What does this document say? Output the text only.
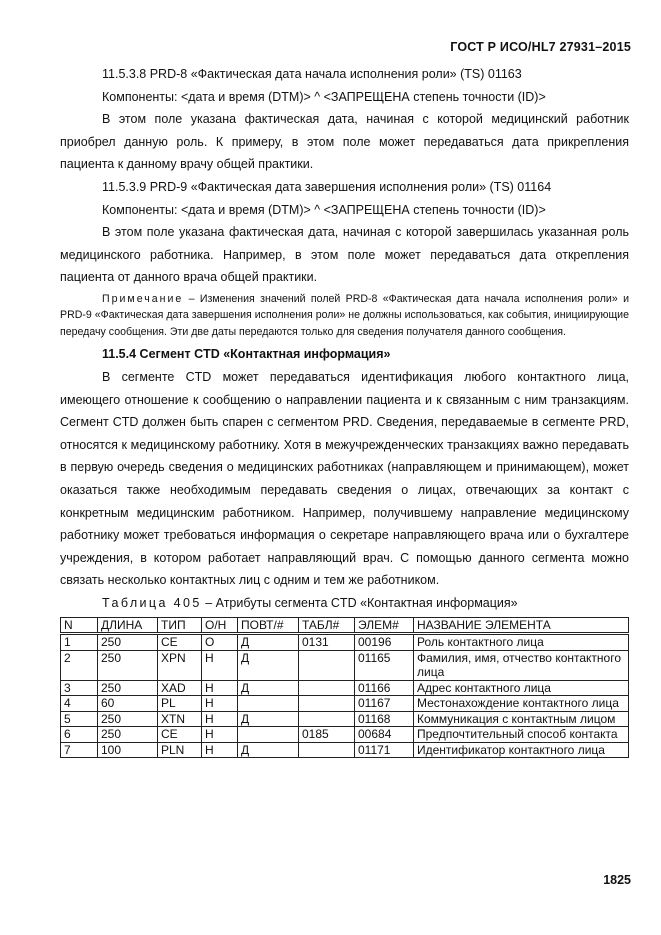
ГОСТ Р ИСО/HL7 27931–2015

11.5.3.8 PRD-8 «Фактическая дата начала исполнения роли» (TS) 01163

Компоненты: <дата и время (DTM)> ^ <ЗАПРЕЩЕНА степень точности (ID)>

В этом поле указана фактическая дата, начиная с которой медицинский работник приобрел данную роль. К примеру, в этом поле может передаваться дата прикрепления пациента к данному врачу общей практики.

11.5.3.9 PRD-9 «Фактическая дата завершения исполнения роли» (TS) 01164

Компоненты: <дата и время (DTM)> ^ <ЗАПРЕЩЕНА степень точности (ID)>

В этом поле указана фактическая дата, начиная с которой завершилась указанная роль медицинского работника. Например, в этом поле может передаваться дата открепления пациента от данного врача общей практики.

Примечание – Изменения значений полей PRD-8 «Фактическая дата начала исполнения роли» и PRD-9 «Фактическая дата завершения исполнения роли» не должны использоваться, как события, инициирующие передачу сообщения. Эти две даты передаются только для сведения получателя данного сообщения.

11.5.4 Сегмент CTD «Контактная информация»

В сегменте CTD может передаваться идентификация любого контактного лица, имеющего отношение к сообщению о направлении пациента и к связанным с ним транзакциям. Сегмент CTD должен быть спарен с сегментом PRD. Сведения, передаваемые в сегменте PRD, относятся к медицинскому работнику. Хотя в межучрежденческих транзакциях важно передавать в первую очередь сведения о медицинских работниках (направляющем и принимающем), может оказаться также необходимым передавать сведения о лицах, отвечающих за контакт с конкретным медицинским работником. Например, получившему направление медицинскому работнику может требоваться информация о секретаре направляющего врача или о бухгалтере учреждения, в котором работает направляющий врач. С помощью данного сегмента можно связать несколько контактных лиц с одним и тем же работником.

Таблица 405 – Атрибуты сегмента CTD «Контактная информация»

N	ДЛИНА	ТИП	О/Н	ПОВТ/#	ТАБЛ#	ЭЛЕМ#	НАЗВАНИЕ ЭЛЕМЕНТА
1	250	CE	О	Д	0131	00196	Роль контактного лица
2	250	XPN	Н	Д		01165	Фамилия, имя, отчество контактного лица
3	250	XAD	Н	Д		01166	Адрес контактного лица
4	60	PL	Н			01167	Местонахождение контактного лица
5	250	XTN	Н	Д		01168	Коммуникация с контактным лицом
6	250	CE	Н		0185	00684	Предпочтительный способ контакта
7	100	PLN	Н	Д		01171	Идентификатор контактного лица
1825
